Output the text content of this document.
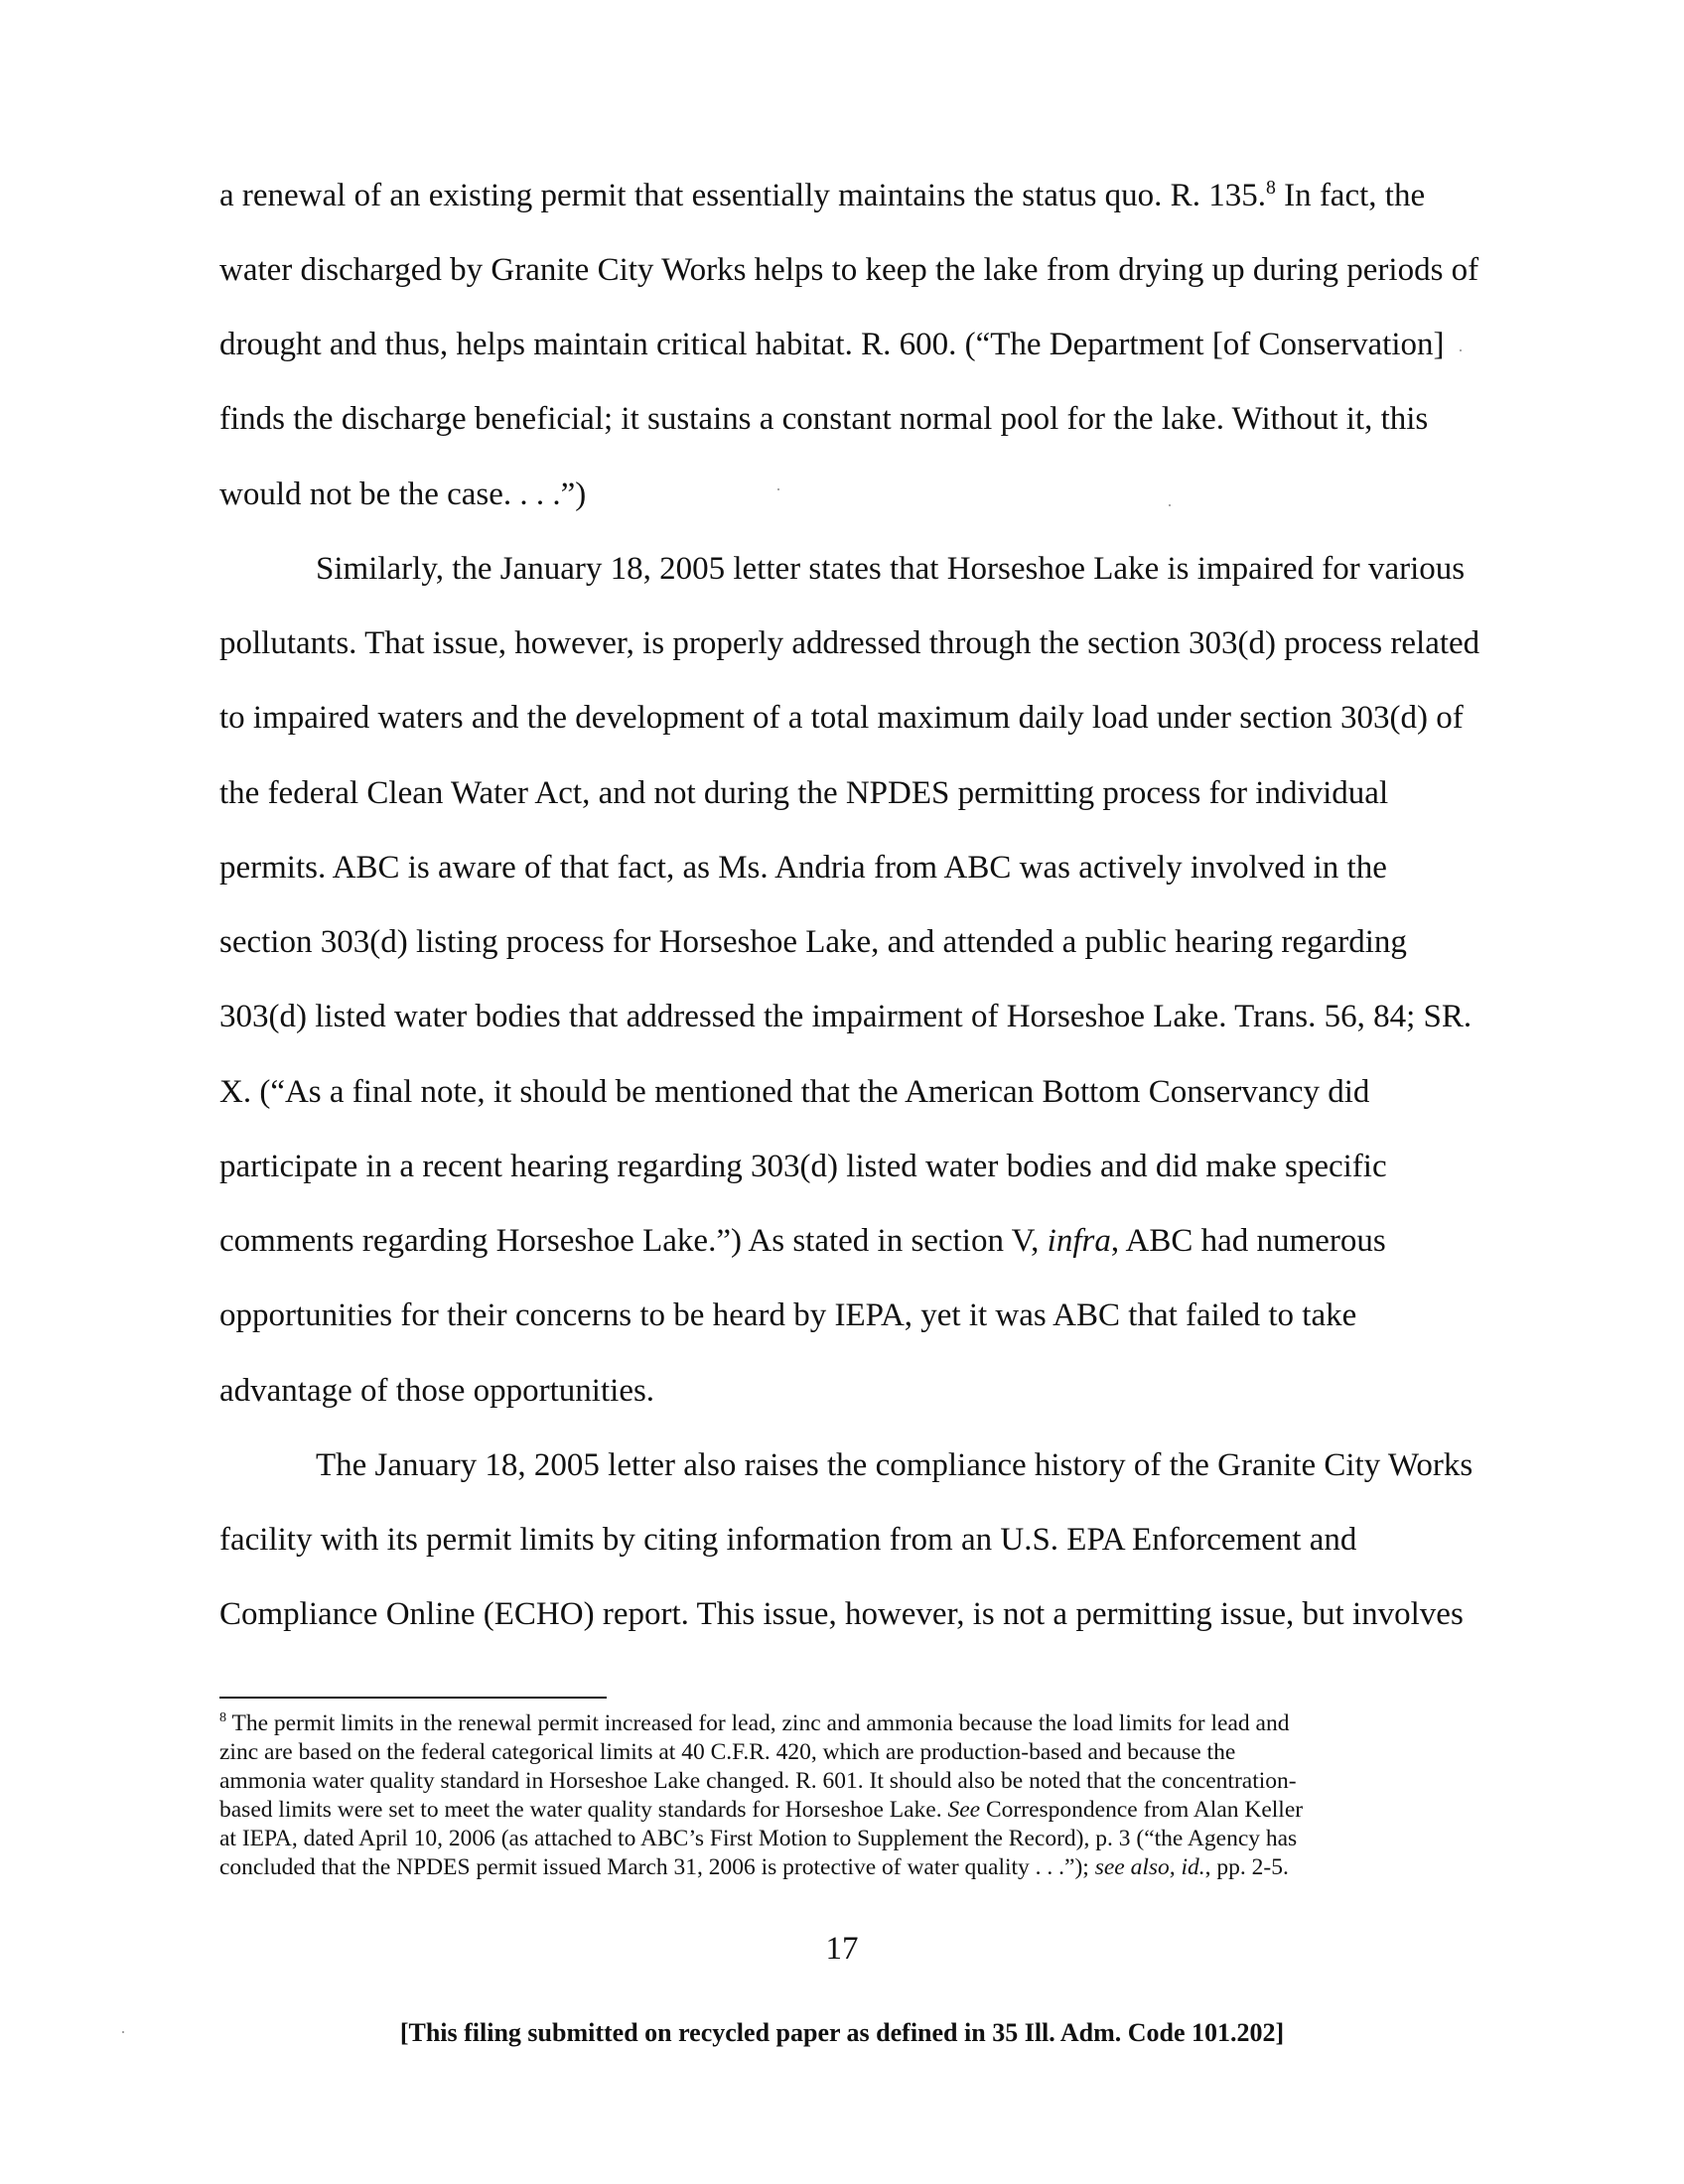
a renewal of an existing permit that essentially maintains the status quo. R. 135.$^8$ In fact, the
water discharged by Granite City Works helps to keep the lake from drying up during periods of
drought and thus, helps maintain critical habitat. R. 600. (“The Department [of Conservation]
finds the discharge beneficial; it sustains a constant normal pool for the lake. Without it, this
would not be the case. . . .”)
Similarly, the January 18, 2005 letter states that Horseshoe Lake is impaired for various
pollutants. That issue, however, is properly addressed through the section 303(d) process related
to impaired waters and the development of a total maximum daily load under section 303(d) of
the federal Clean Water Act, and not during the NPDES permitting process for individual
permits. ABC is aware of that fact, as Ms. Andria from ABC was actively involved in the
section 303(d) listing process for Horseshoe Lake, and attended a public hearing regarding
303(d) listed water bodies that addressed the impairment of Horseshoe Lake. Trans. 56, 84; SR.
X. (“As a final note, it should be mentioned that the American Bottom Conservancy did
participate in a recent hearing regarding 303(d) listed water bodies and did make specific
comments regarding Horseshoe Lake.”) As stated in section V, infra, ABC had numerous
opportunities for their concerns to be heard by IEPA, yet it was ABC that failed to take
advantage of those opportunities.
The January 18, 2005 letter also raises the compliance history of the Granite City Works
facility with its permit limits by citing information from an U.S. EPA Enforcement and
Compliance Online (ECHO) report. This issue, however, is not a permitting issue, but involves
$^8$ The permit limits in the renewal permit increased for lead, zinc and ammonia because the load limits for lead and
zinc are based on the federal categorical limits at 40 C.F.R. 420, which are production-based and because the
ammonia water quality standard in Horseshoe Lake changed. R. 601. It should also be noted that the concentration-
based limits were set to meet the water quality standards for Horseshoe Lake. See Correspondence from Alan Keller
at IEPA, dated April 10, 2006 (as attached to ABC’s First Motion to Supplement the Record), p. 3 (“the Agency has
concluded that the NPDES permit issued March 31, 2006 is protective of water quality . . .”); see also, id., pp. 2-5.
17
[This filing submitted on recycled paper as defined in 35 Ill. Adm. Code 101.202]
